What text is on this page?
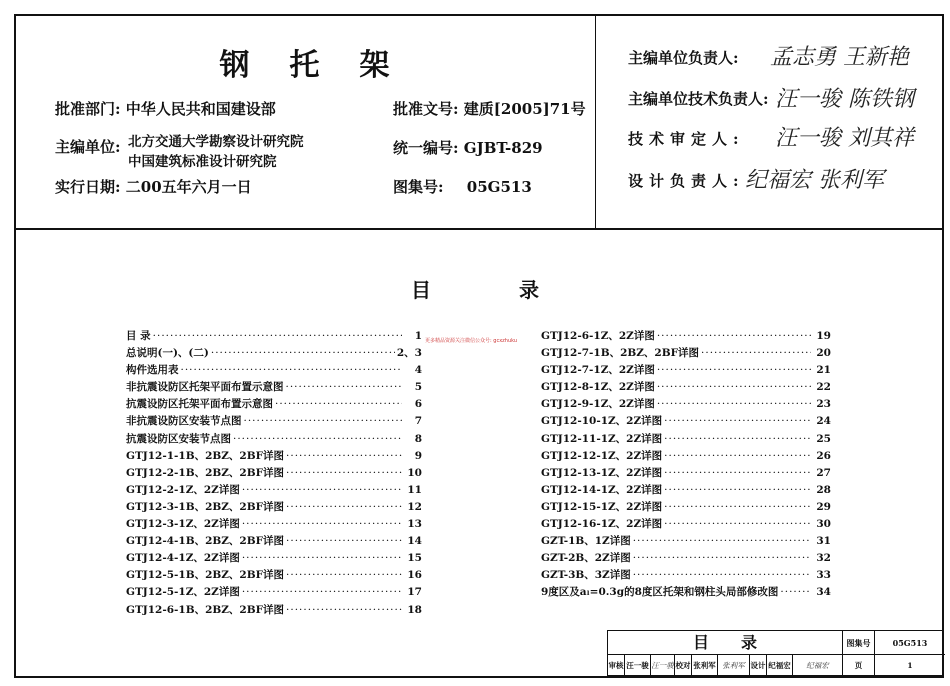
钢托架
批准部门: 中华人民共和国建设部
主编单位: 北方交通大学勘察设计研究院
中国建筑标准设计研究院
实行日期: 二00五年六月一日
批准文号: 建质[2005]71号
统一编号: GJBT-829
图集号: 05G513
主编单位负责人: 孟志勇 王新艳
主编单位技术负责人: 汪一骏 陈铁钢
技术审定人: 汪一骏 刘其祥
设计负责人: 纪福宏 张利军
目	录
更多精品资源关注微信公众号: gcxzhuku
目 录 ·····	1
总说明(一)、(二) ·····	2、3
构件选用表 ·····	4
非抗震设防区托架平面布置示意图 ·····	5
抗震设防区托架平面布置示意图 ·····	6
非抗震设防区安装节点图 ·····	7
抗震设防区安装节点图 ·····	8
GTJ12-1-1B、2BZ、2BF详图 ·····	9
GTJ12-2-1B、2BZ、2BF详图 ·····	10
GTJ12-2-1Z、2Z详图 ·····	11
GTJ12-3-1B、2BZ、2BF详图 ·····	12
GTJ12-3-1Z、2Z详图 ·····	13
GTJ12-4-1B、2BZ、2BF详图 ·····	14
GTJ12-4-1Z、2Z详图 ·····	15
GTJ12-5-1B、2BZ、2BF详图 ·····	16
GTJ12-5-1Z、2Z详图 ·····	17
GTJ12-6-1B、2BZ、2BF详图 ·····	18
GTJ12-6-1Z、2Z详图 ·····	19
GTJ12-7-1B、2BZ、2BF详图 ·····	20
GTJ12-7-1Z、2Z详图 ·····	21
GTJ12-8-1Z、2Z详图 ·····	22
GTJ12-9-1Z、2Z详图 ·····	23
GTJ12-10-1Z、2Z详图 ·····	24
GTJ12-11-1Z、2Z详图 ·····	25
GTJ12-12-1Z、2Z详图 ·····	26
GTJ12-13-1Z、2Z详图 ·····	27
GTJ12-14-1Z、2Z详图 ·····	28
GTJ12-15-1Z、2Z详图 ·····	29
GTJ12-16-1Z、2Z详图 ·····	30
GZT-1B、1Z详图 ·····	31
GZT-2B、2Z详图 ·····	32
GZT-3B、3Z详图 ·····	33
9度区及aₗ=0.3g的8度区托架和钢柱头局部修改图 ·····	34
目 录	图集号	05G513
审核 汪一骏 汪一骏 校对 张利军 张利军 设计 纪福宏	纪福宏	页	1
